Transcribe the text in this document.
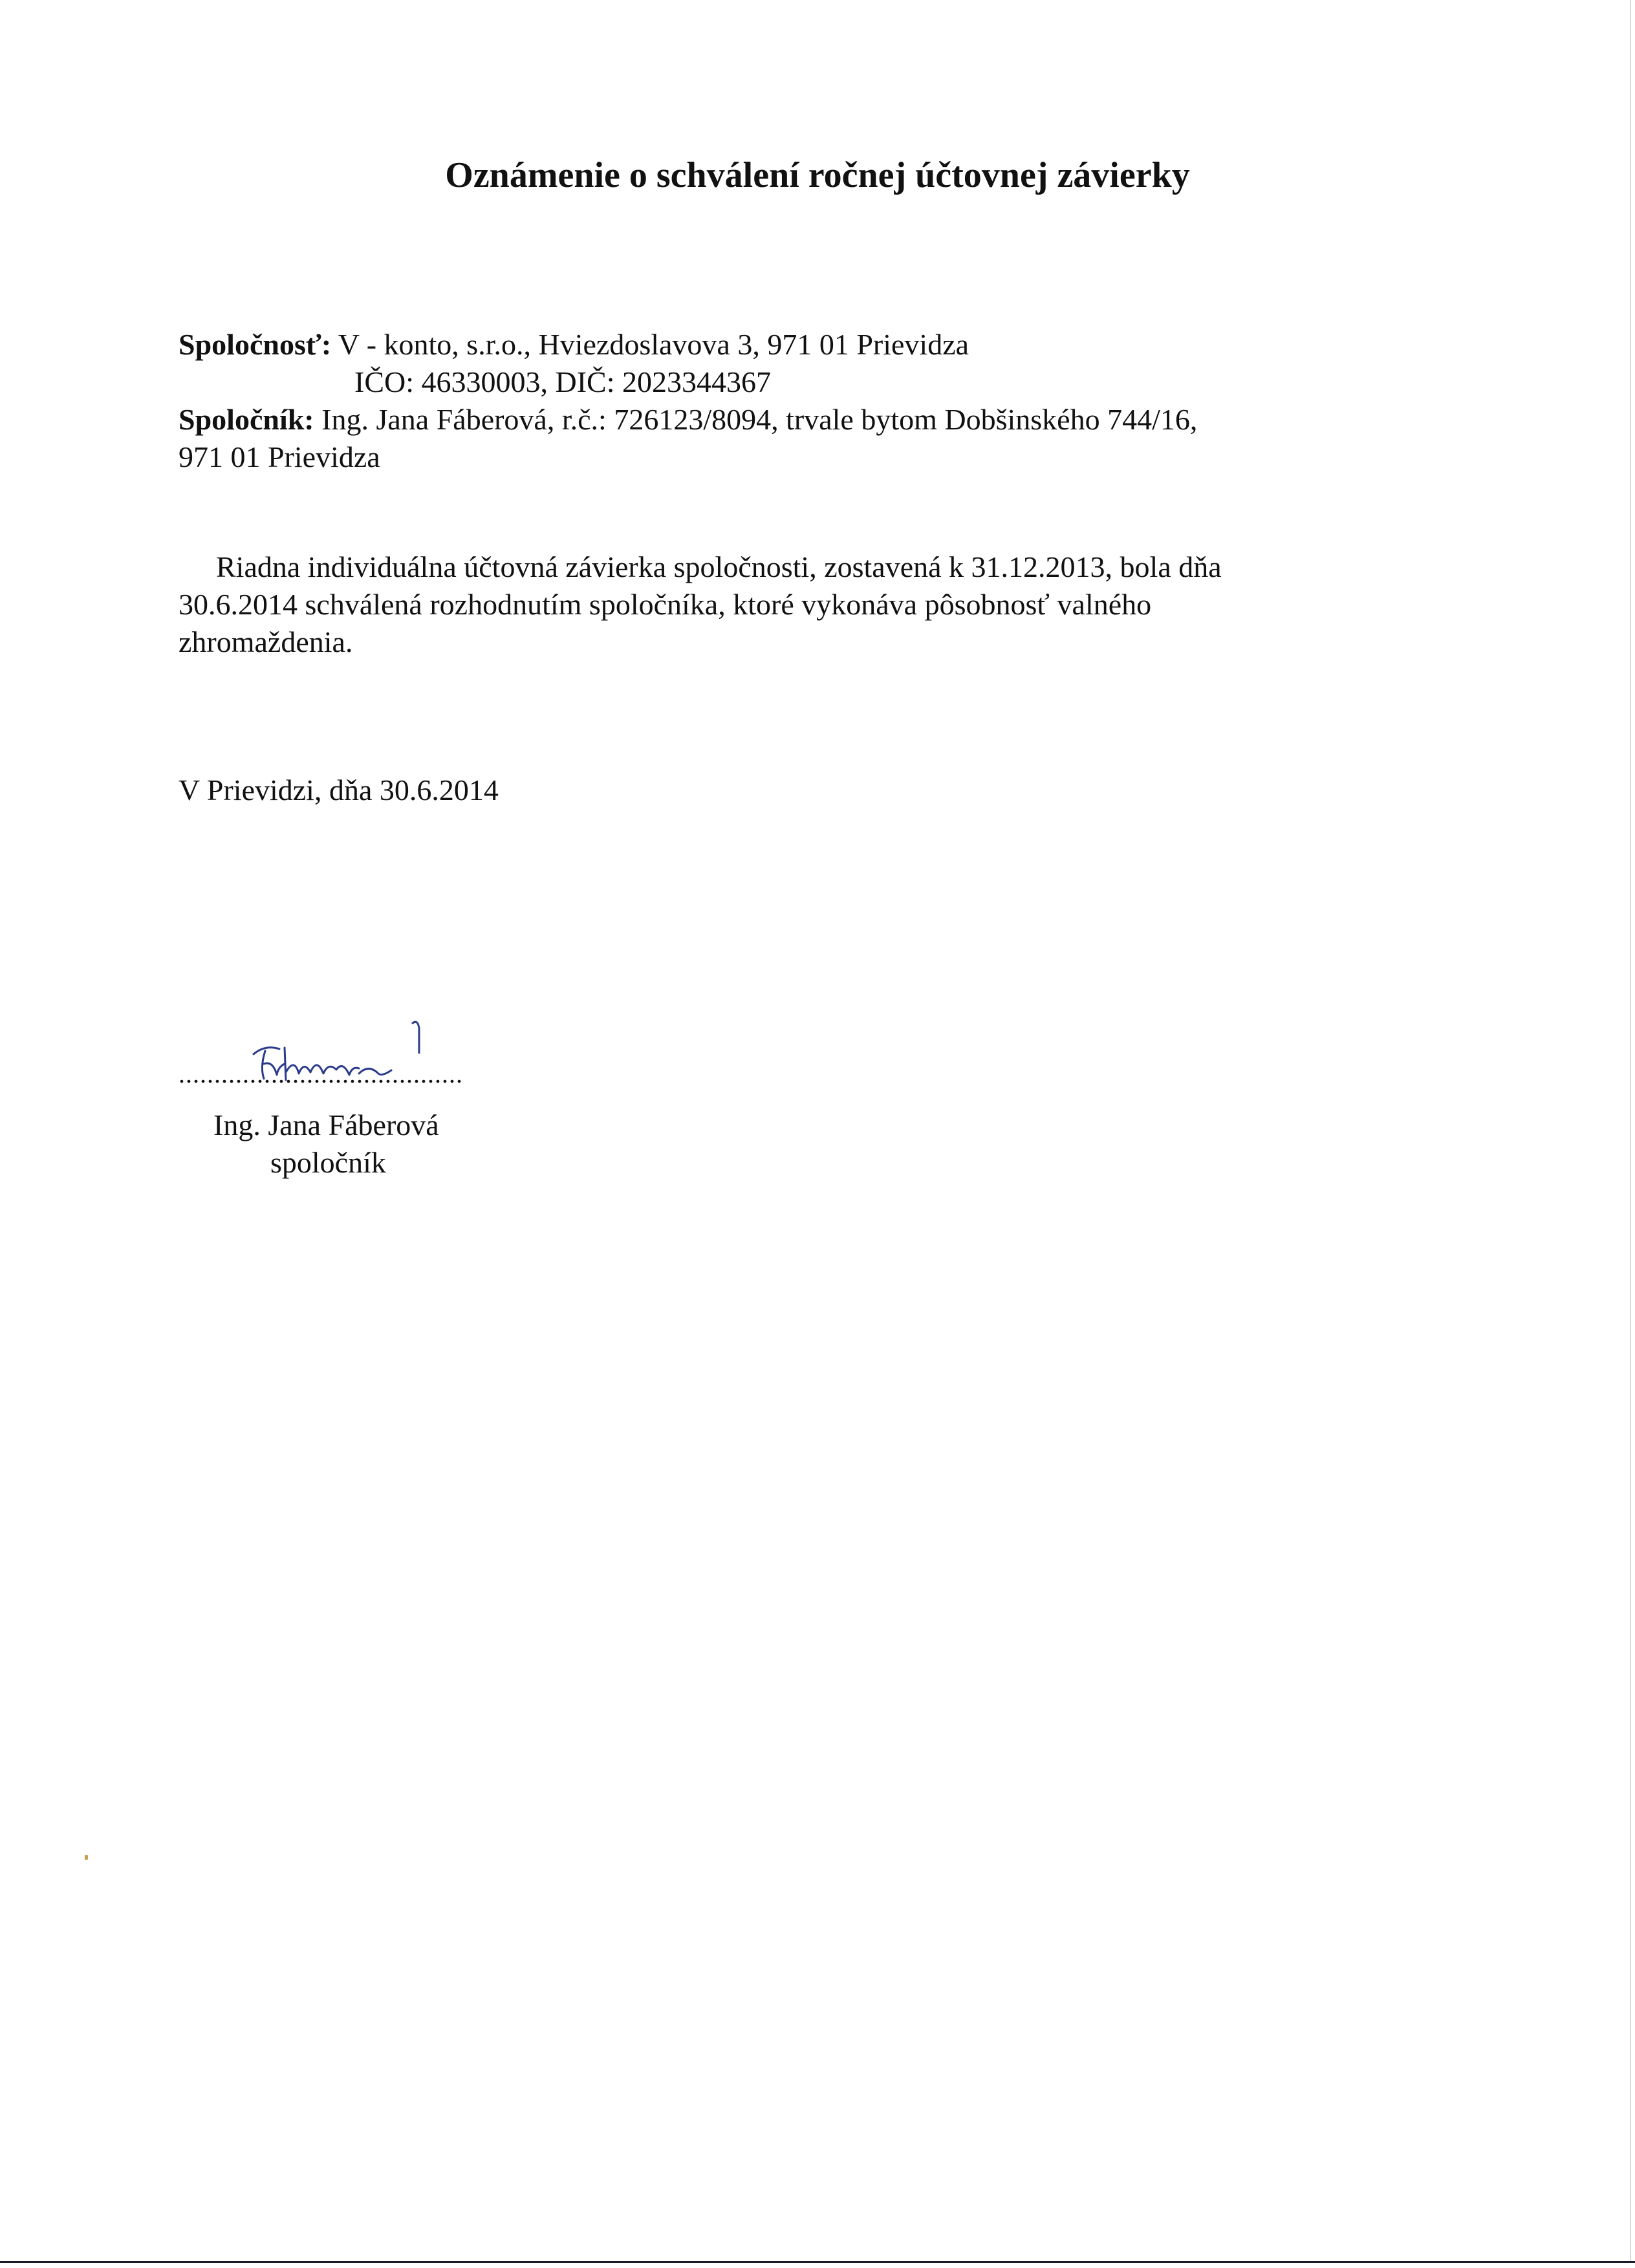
Oznámenie o schválení ročnej účtovnej závierky
Spoločnosť: V - konto, s.r.o., Hviezdoslavova 3, 971 01 Prievidza
IČO: 46330003, DIČ: 2023344367
Spoločník: Ing. Jana Fáberová, r.č.: 726123/8094, trvale bytom Dobšinského 744/16,
971 01 Prievidza
Riadna individuálna účtovná závierka spoločnosti, zostavená k 31.12.2013, bola dňa
30.6.2014 schválená rozhodnutím spoločníka, ktoré vykonáva pôsobnosť valného
zhromaždenia.
V Prievidzi, dňa 30.6.2014
........................................
Ing. Jana Fáberová
spoločník
